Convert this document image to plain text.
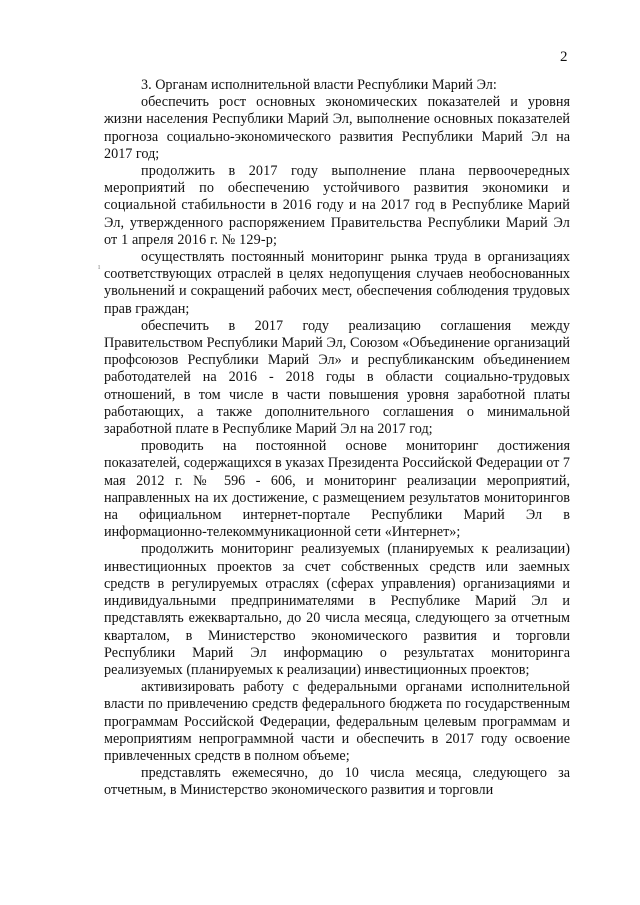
2
ı

3. Органам исполнительной власти Республики Марий Эл:

обеспечить рост основных экономических показателей и уровня жизни населения Республики Марий Эл, выполнение основных показателей прогноза социально-экономического развития Республики Марий Эл на 2017 год;

продолжить в 2017 году выполнение плана первоочередных мероприятий по обеспечению устойчивого развития экономики и социальной стабильности в 2016 году и на 2017 год в Республике Марий Эл, утвержденного распоряжением Правительства Республики Марий Эл от 1 апреля 2016 г. № 129-р;

осуществлять постоянный мониторинг рынка труда в организациях соответствующих отраслей в целях недопущения случаев необоснованных увольнений и сокращений рабочих мест, обеспечения соблюдения трудовых прав граждан;

обеспечить в 2017 году реализацию соглашения между Правительством Республики Марий Эл, Союзом «Объединение организаций профсоюзов Республики Марий Эл» и республиканским объединением работодателей на 2016 - 2018 годы в области социально-трудовых отношений, в том числе в части повышения уровня заработной платы работающих, а также дополнительного соглашения о минимальной заработной плате в Республике Марий Эл на 2017 год;

проводить на постоянной основе мониторинг достижения показателей, содержащихся в указах Президента Российской Федерации от 7 мая 2012 г. № 596 - 606, и мониторинг реализации мероприятий, направленных на их достижение, с размещением результатов мониторингов на официальном интернет-портале Республики Марий Эл в информационно-телекоммуникационной сети «Интернет»;

продолжить мониторинг реализуемых (планируемых к реализации) инвестиционных проектов за счет собственных средств или заемных средств в регулируемых отраслях (сферах управления) организациями и индивидуальными предпринимателями в Республике Марий Эл и представлять ежеквартально, до 20 числа месяца, следующего за отчетным кварталом, в Министерство экономического развития и торговли Республики Марий Эл информацию о результатах мониторинга реализуемых (планируемых к реализации) инвестиционных проектов;

активизировать работу с федеральными органами исполнительной власти по привлечению средств федерального бюджета по государственным программам Российской Федерации, федеральным целевым программам и мероприятиям непрограммной части и обеспечить в 2017 году освоение привлеченных средств в полном объеме;

представлять ежемесячно, до 10 числа месяца, следующего за отчетным, в Министерство экономического развития и торговли
